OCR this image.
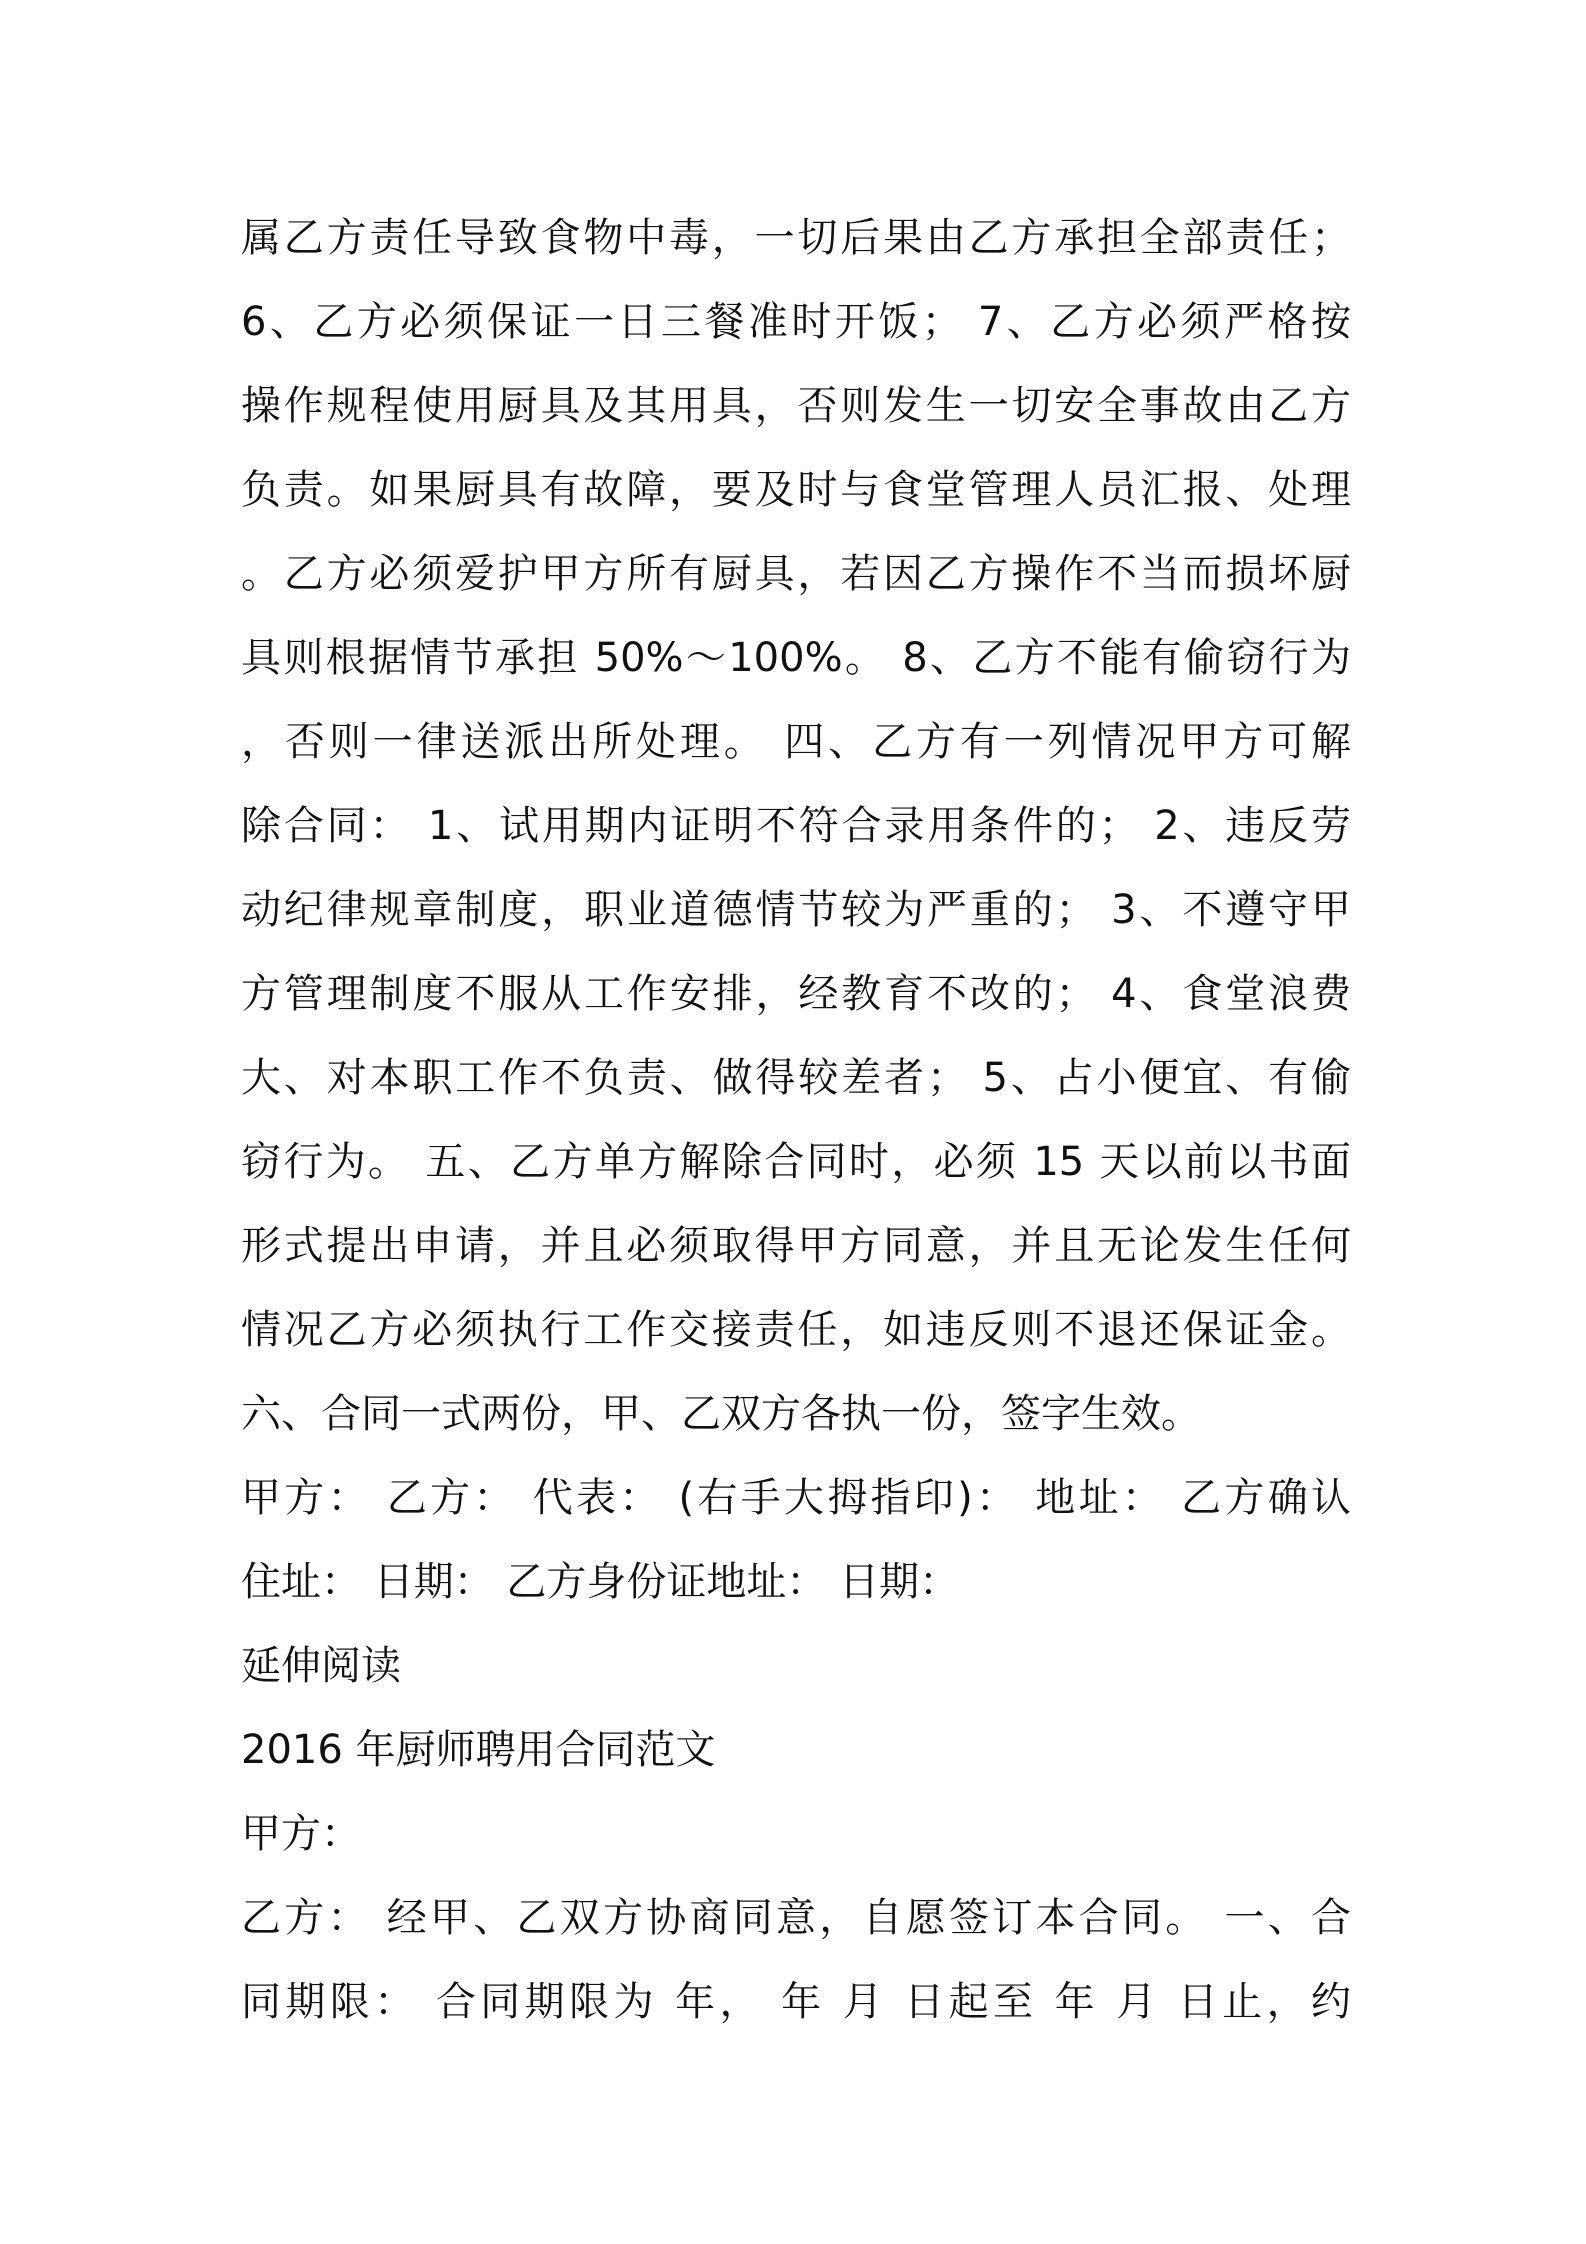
属乙方责任导致食物中毒，一切后果由乙方承担全部责任；
6、乙方必须保证一日三餐准时开饭； 7、乙方必须严格按
操作规程使用厨具及其用具，否则发生一切安全事故由乙方
负责。如果厨具有故障，要及时与食堂管理人员汇报、处理
。乙方必须爱护甲方所有厨具，若因乙方操作不当而损坏厨
具则根据情节承担 50%～100%。 8、乙方不能有偷窃行为
，否则一律送派出所处理。 四、乙方有一列情况甲方可解
除合同： 1、试用期内证明不符合录用条件的； 2、违反劳
动纪律规章制度，职业道德情节较为严重的； 3、不遵守甲
方管理制度不服从工作安排，经教育不改的； 4、食堂浪费
大、对本职工作不负责、做得较差者； 5、占小便宜、有偷
窃行为。 五、乙方单方解除合同时，必须 15 天以前以书面
形式提出申请，并且必须取得甲方同意，并且无论发生任何
情况乙方必须执行工作交接责任，如违反则不退还保证金。
六、合同一式两份，甲、乙双方各执一份，签字生效。
甲方： 乙方： 代表： (右手大拇指印)： 地址： 乙方确认
住址： 日期： 乙方身份证地址： 日期：
延伸阅读
2016 年厨师聘用合同范文
甲方：
乙方： 经甲、乙双方协商同意，自愿签订本合同。 一、合
同期限： 合同期限为 年， 年 月 日起至 年 月 日止，约
